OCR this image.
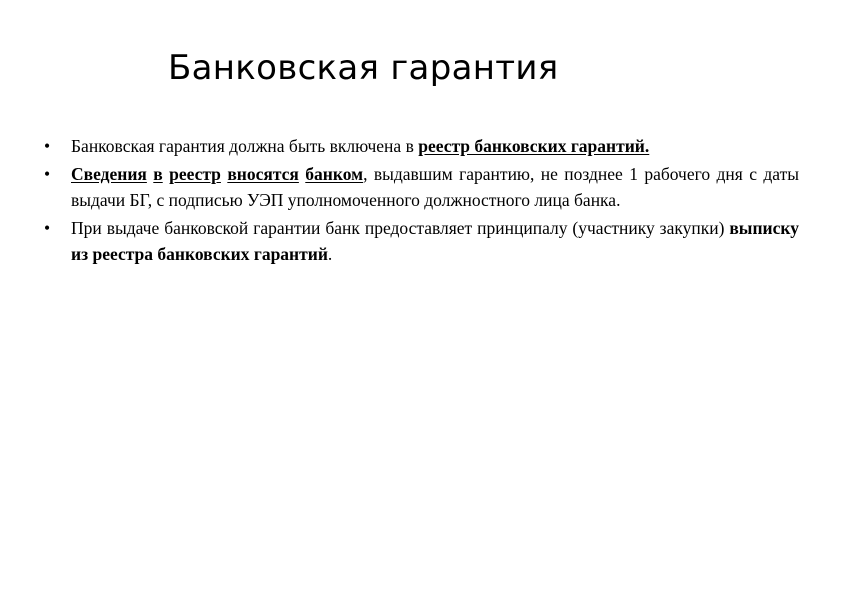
Банковская гарантия
•	Банковская гарантия должна быть включена в реестр банковских гарантий.
•	Сведения в реестр вносятся банком, выдавшим гарантию, не позднее 1 рабочего дня с даты выдачи БГ, с подписью УЭП уполномоченного должностного лица банка.
•	При выдаче банковской гарантии банк предоставляет принципалу (участнику закупки) выписку из реестра банковских гарантий.
